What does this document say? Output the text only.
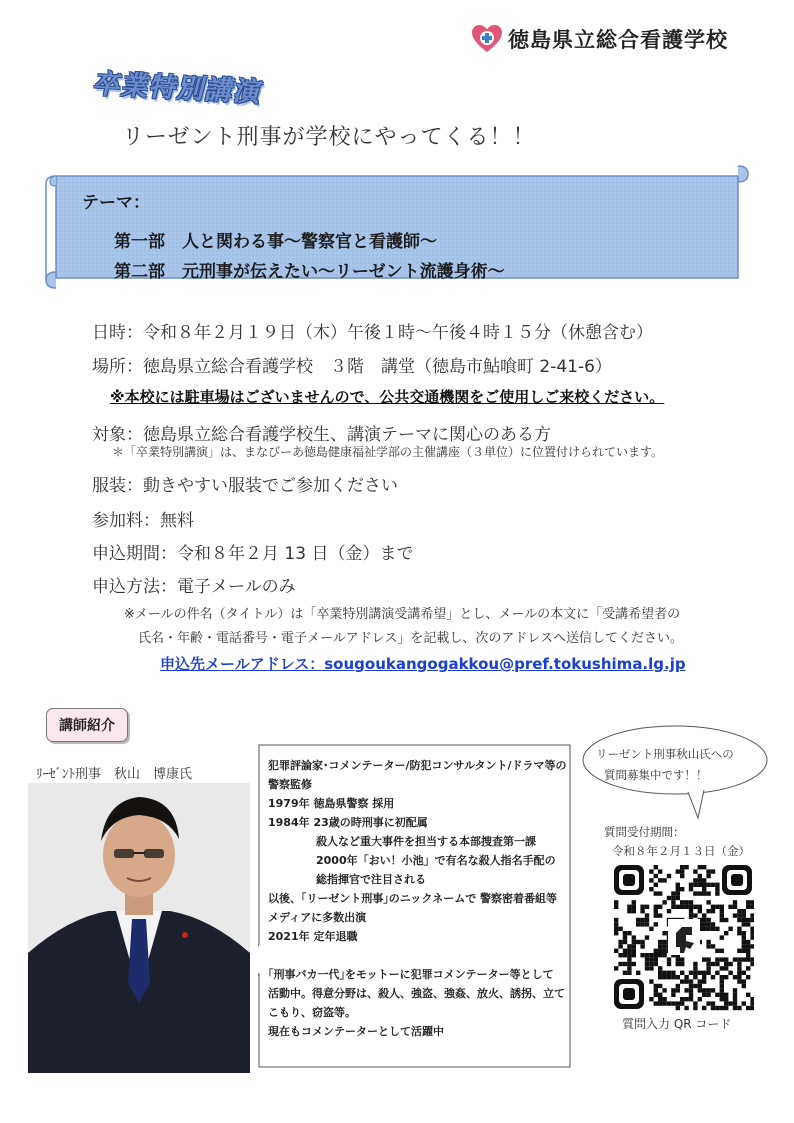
徳島県立総合看護学校
卒業特別講演
リーゼント刑事が学校にやってくる！！
テーマ：
第一部　人と関わる事～警察官と看護師～
第二部　元刑事が伝えたい～リーゼント流護身術～
日時：令和８年２月１９日（木）午後１時～午後４時１５分（休憩含む）
場所：徳島県立総合看護学校　３階　講堂（徳島市鮎喰町 2-41-6）
※本校には駐車場はございませんので、公共交通機関をご使用しご来校ください。
対象：徳島県立総合看護学校生、講演テーマに関心のある方
＊「卒業特別講演」は、まなびーあ徳島健康福祉学部の主催講座（３単位）に位置付けられています。
服装：動きやすい服装でご参加ください
参加料：無料
申込期間：令和８年２月 13 日（金）まで
申込方法：電子メールのみ
※メールの件名（タイトル）は「卒業特別講演受講希望」とし、メールの本文に「受講希望者の
氏名・年齢・電話番号・電子メールアドレス」を記載し、次のアドレスへ送信してください。
申込先メールアドレス：sougoukangogakkou@pref.tokushima.lg.jp
講師紹介
ﾘｰｾﾞﾝﾄ刑事　秋山　博康氏
犯罪評論家･コメンテーター/防犯コンサルタント/ドラマ等の
警察監修
1979年 徳島県警察 採用
1984年 23歳の時刑事に初配属
殺人など重大事件を担当する本部捜査第一課
2000年「おい！小池」で有名な殺人指名手配の
総指揮官で注目される
以後、｢リーゼント刑事｣のニックネームで 警察密着番組等
メディアに多数出演
2021年 定年退職
｢刑事バカ一代｣をモットーに犯罪コメンテーター等として
活動中。得意分野は、殺人、強盗、強姦、放火、誘拐、立て
こもり、窃盗等。
現在もコメンテーターとして活躍中
リーゼント刑事秋山氏への
質問募集中です！！
質問受付期間：
令和８年２月１３日（金）
質問入力 QR コード
